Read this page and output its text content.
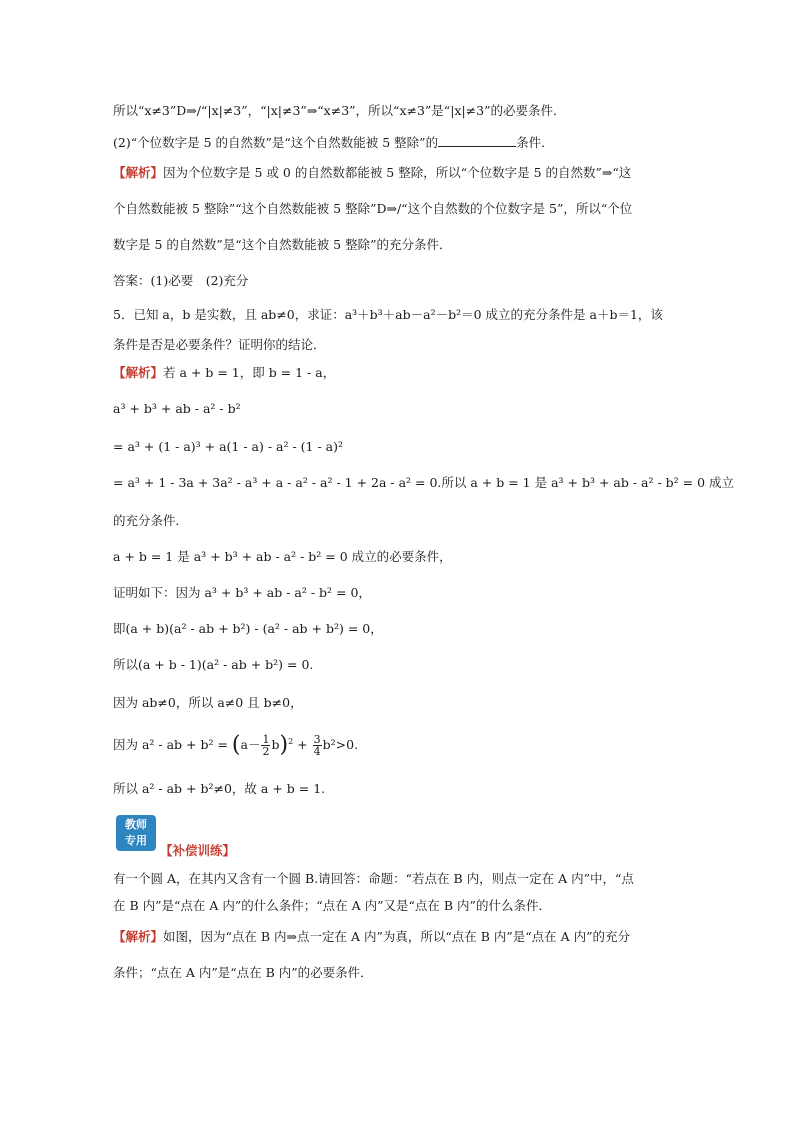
所以“x≠3”D⇒/“|x|≠3”，“|x|≠3”⇒“x≠3”，所以“x≠3”是“|x|≠3”的必要条件．
(2)“个位数字是 5 的自然数”是“这个自然数能被 5 整除”的	条件．
【解析】因为个位数字是 5 或 0 的自然数都能被 5 整除，所以“个位数字是 5 的自然数”⇒“这
个自然数能被 5 整除”“这个自然数能被 5 整除”D⇒/“这个自然数的个位数字是 5”，所以“个位
数字是 5 的自然数”是“这个自然数能被 5 整除”的充分条件．
答案：(1)必要　(2)充分
5．已知 a，b 是实数，且 ab≠0，求证：a³＋b³＋ab－a²－b²＝0 成立的充分条件是 a＋b＝1，该
条件是否是必要条件？证明你的结论．
【解析】若 a + b = 1，即 b = 1 - a，
a³ + b³ + ab - a² - b²
= a³ + (1 - a)³ + a(1 - a) - a² - (1 - a)²
= a³ + 1 - 3a + 3a² - a³ + a - a² - a² - 1 + 2a - a² = 0.所以 a + b = 1 是 a³ + b³ + ab - a² - b² = 0 成立
的充分条件．
a + b = 1 是 a³ + b³ + ab - a² - b² = 0 成立的必要条件，
证明如下：因为 a³ + b³ + ab - a² - b² = 0，
即(a + b)(a² - ab + b²) - (a² - ab + b²) = 0，
所以(a + b - 1)(a² - ab + b²) = 0.
因为 ab≠0，所以 a≠0 且 b≠0，
因为 a² - ab + $b^2 = (a- \frac{1}{2} b)^2 + \frac{3}{4} b^2>0$.
所以 a² - ab + b²≠0，故 a + b = 1.
教师
专用
【补偿训练】
有一个圆 A，在其内又含有一个圆 B.请回答：命题：“若点在 B 内，则点一定在 A 内”中，“点
在 B 内”是“点在 A 内”的什么条件；“点在 A 内”又是“点在 B 内”的什么条件．
【解析】如图，因为“点在 B 内⇒点一定在 A 内”为真，所以“点在 B 内”是“点在 A 内”的充分
条件；“点在 A 内”是“点在 B 内”的必要条件．
